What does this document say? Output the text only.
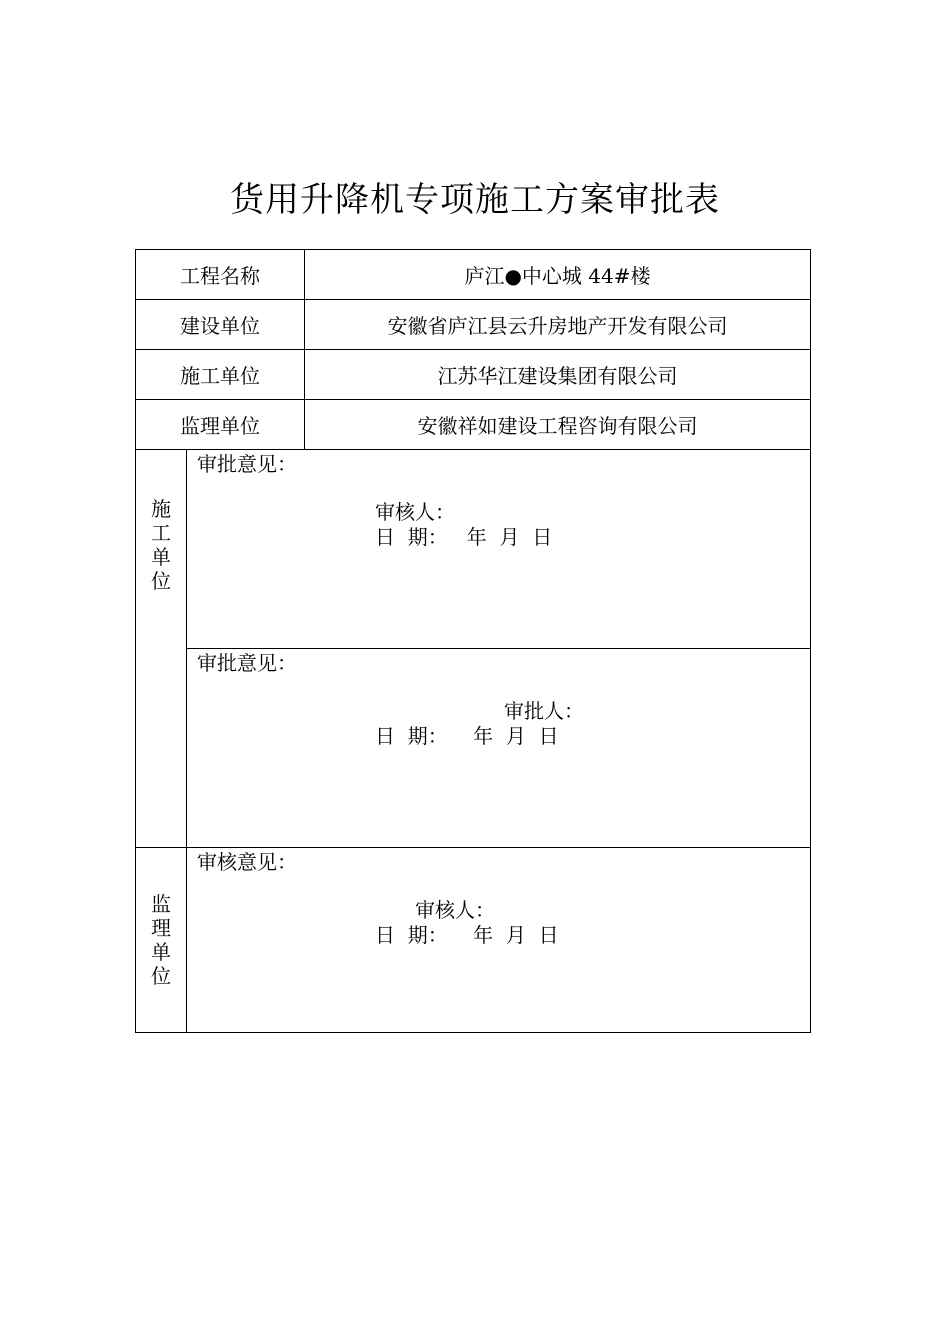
货用升降机专项施工方案审批表
工程名称		庐江●中心城 44#楼
建设单位		安徽省庐江县云升房地产开发有限公司
施工单位		江苏华江建设集团有限公司
监理单位		安徽祥如建设工程咨询有限公司

施工单位	审批意见：
审核人：
日  期：   年  月  日	

	审批意见：
审批人：
日  期：    年  月  日	

监理单位	审核意见：
审核人：
日  期：    年  月  日	
